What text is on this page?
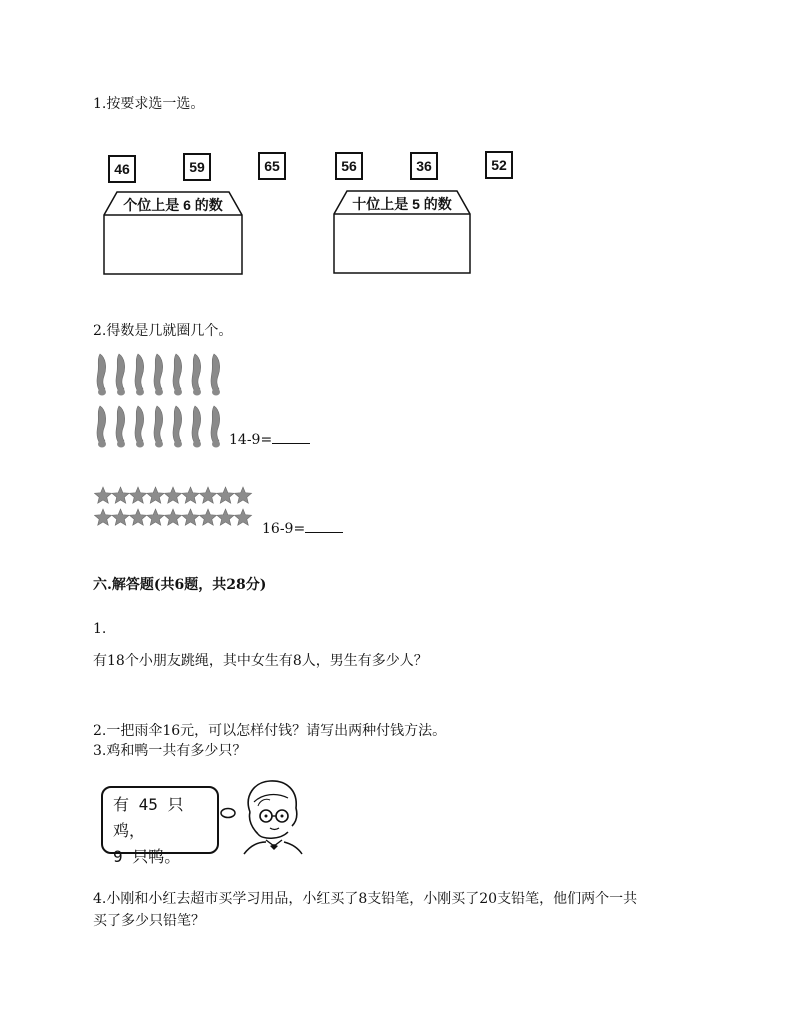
1.按要求选一选。
46	59	65	56	36	52
个位上是 6 的数	十位上是 5 的数
2.得数是几就圈几个。
14-9=
16-9=
六.解答题(共6题，共28分)
1.
有18个小朋友跳绳，其中女生有8人，男生有多少人？
2.一把雨伞16元，可以怎样付钱？请写出两种付钱方法。
3.鸡和鸭一共有多少只？
有 45 只鸡，
9 只鸭。
4.小刚和小红去超市买学习用品，小红买了8支铅笔，小刚买了20支铅笔，他们两个一共
买了多少只铅笔？
